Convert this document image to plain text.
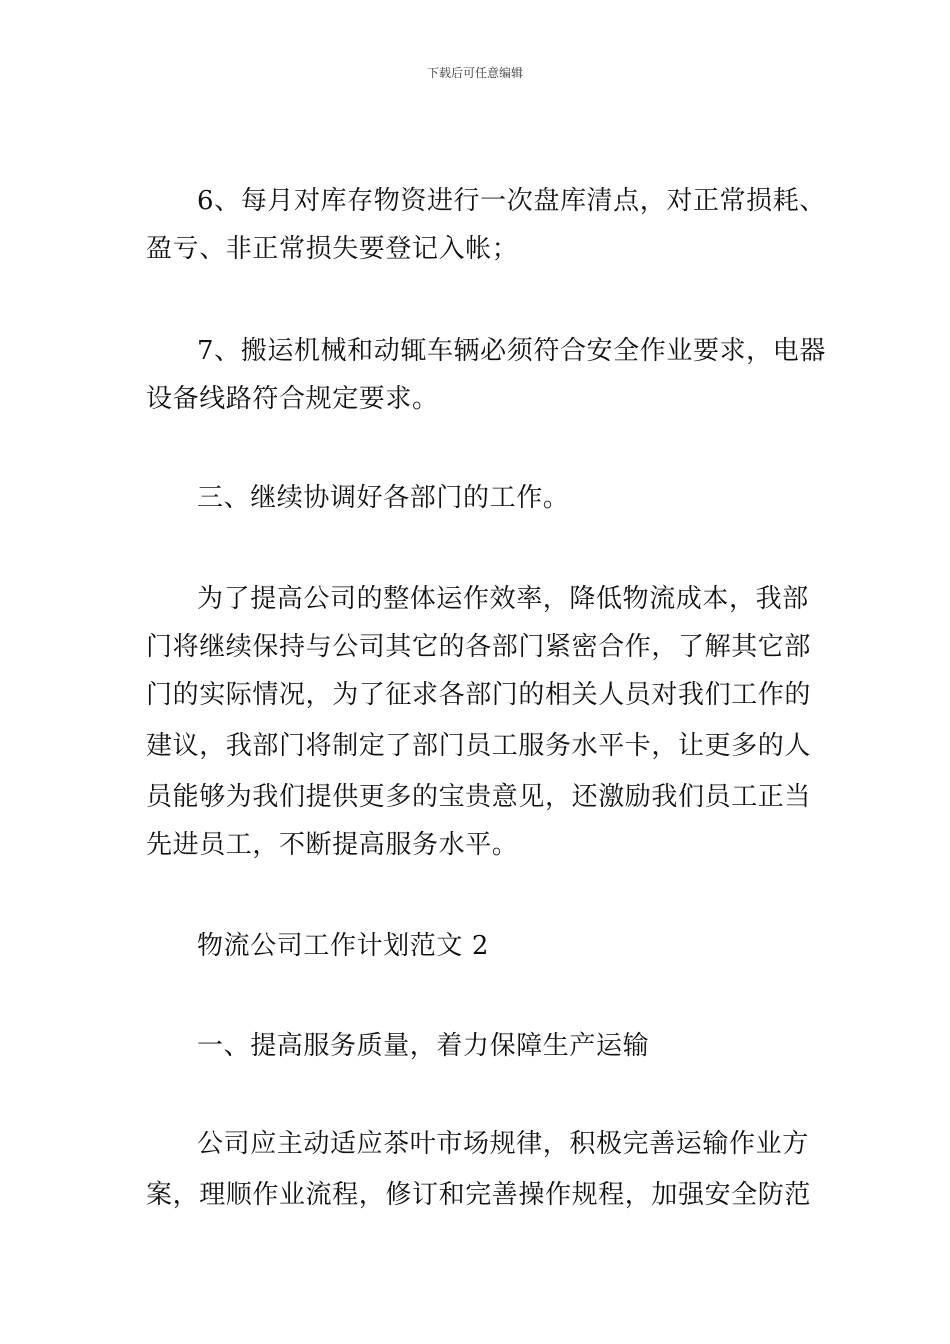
下载后可任意编辑
6、每月对库存物资进行一次盘库清点，对正常损耗、
盈亏、非正常损失要登记入帐；
7、搬运机械和动辄车辆必须符合安全作业要求，电器
设备线路符合规定要求。
三、继续协调好各部门的工作。
为了提高公司的整体运作效率，降低物流成本，我部
门将继续保持与公司其它的各部门紧密合作，了解其它部
门的实际情况，为了征求各部门的相关人员对我们工作的
建议，我部门将制定了部门员工服务水平卡，让更多的人
员能够为我们提供更多的宝贵意见，还激励我们员工正当
先进员工，不断提高服务水平。
物流公司工作计划范文 2
一、提高服务质量，着力保障生产运输
公司应主动适应茶叶市场规律，积极完善运输作业方
案，理顺作业流程，修订和完善操作规程，加强安全防范
